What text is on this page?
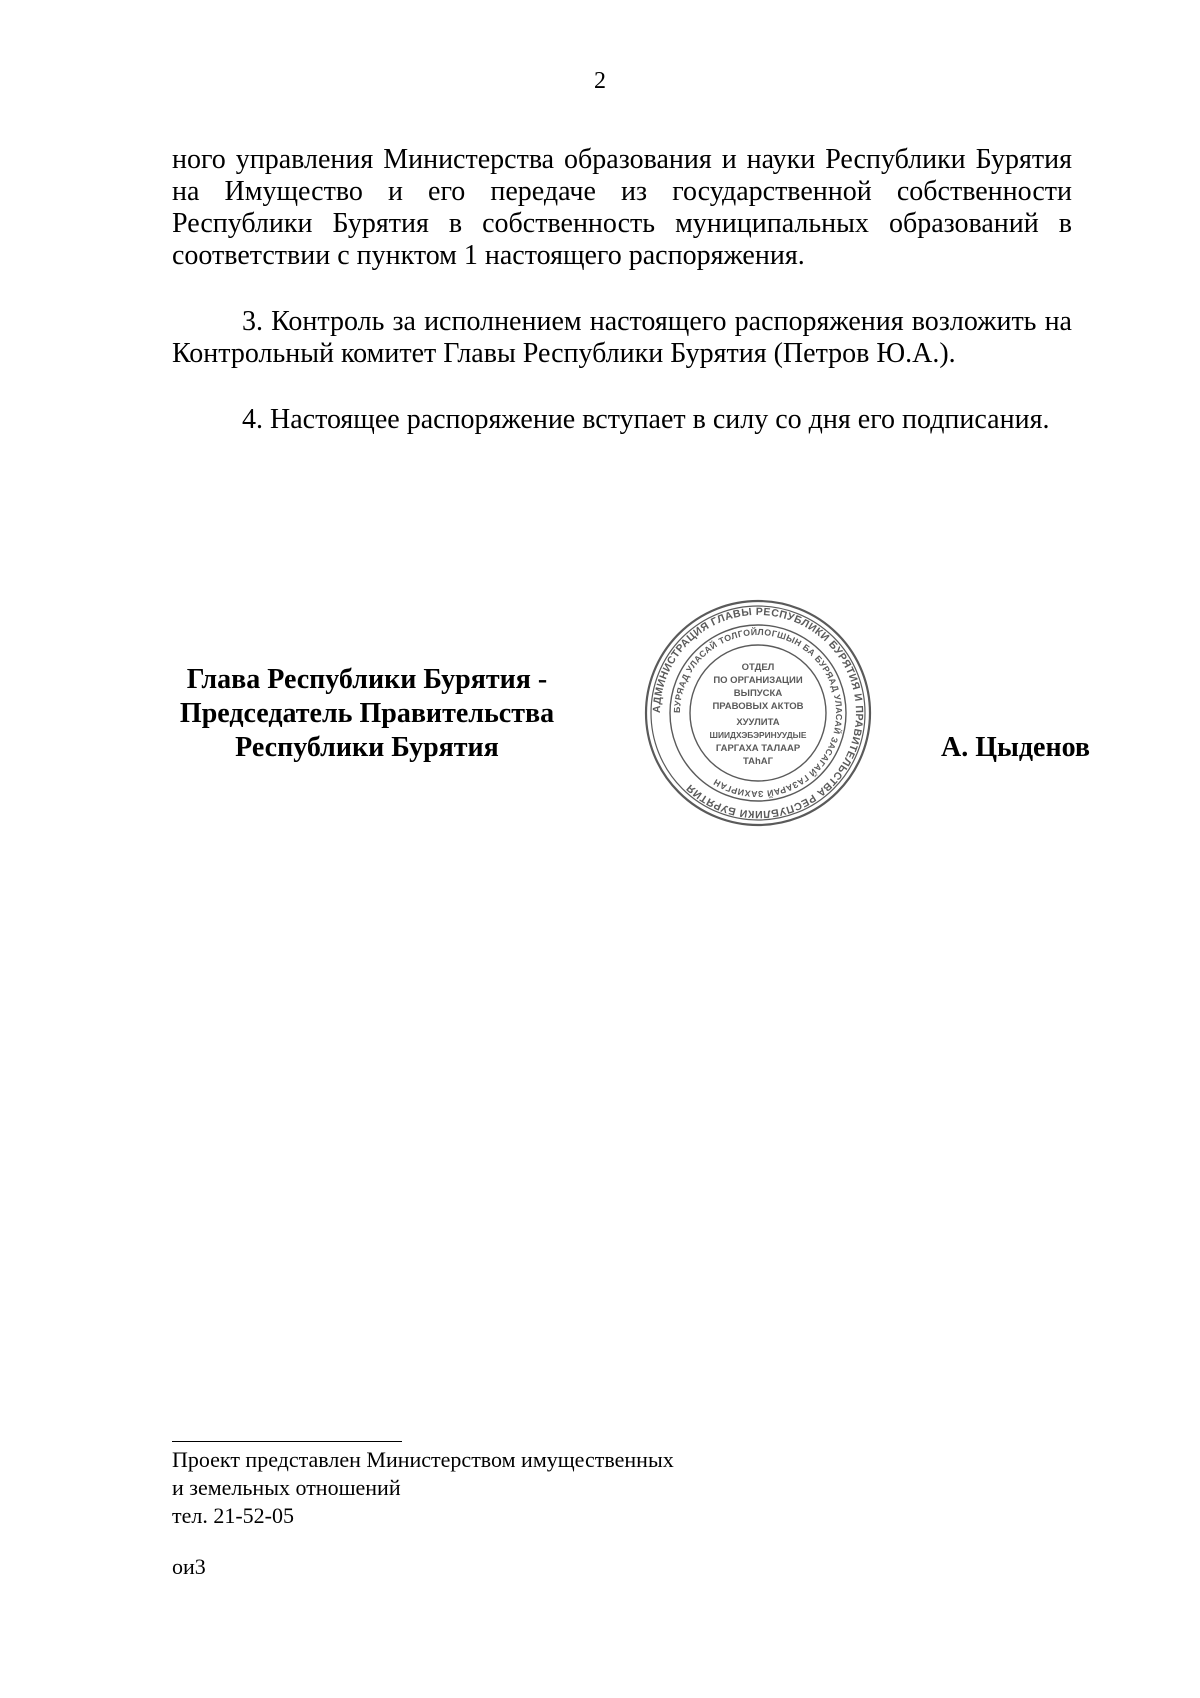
2

ного управления Министерства образования и науки Республики Бурятия на Имущество и его передаче из государственной собственности Республики Бурятия в собственность муниципальных образований в соответствии с пунктом 1 настоящего распоряжения.

3. Контроль за исполнением настоящего распоряжения возложить на Контрольный комитет Главы Республики Бурятия (Петров Ю.А.).

4. Настоящее распоряжение вступает в силу со дня его подписания.

Глава Республики Бурятия -
Председатель Правительства
Республики Бурятия
АДМИНИСТРАЦИЯ ГЛАВЫ РЕСПУБЛИКИ БУРЯТИЯ И ПРАВИТЕЛЬСТВА РЕСПУБЛИКИ БУРЯТИЯ
БУРЯАД УЛАСАЙ ТОЛГОЙЛОГШЫН БА БУРЯАД УЛАСАЙ ЗАСАГАЙ ГАЗАРАЙ ЗАХИРГАН
ОТДЕЛ
ПО ОРГАНИЗАЦИИ
ВЫПУСКА
ПРАВОВЫХ АКТОВ
ХУУЛИТА
ШИИДХЭБЭРИНУУДЫЕ
ГАРГАХА ТАЛААР
ТАhАГ	А. Цыденов
Проект представлен Министерством имущественных
и земельных отношений
тел. 21-52-05
ои3
